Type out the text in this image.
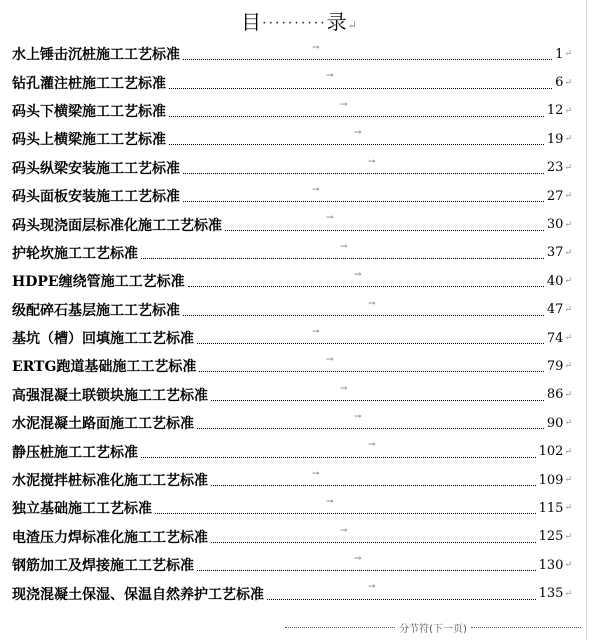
目··········录↵
水上锤击沉桩施工工艺标准	→	1 ↵
钻孔灌注桩施工工艺标准	→	6 ↵
码头下横梁施工工艺标准	→	12 ↵
码头上横梁施工工艺标准	→	19 ↵
码头纵梁安装施工工艺标准	→	23 ↵
码头面板安装施工工艺标准	→	27 ↵
码头现浇面层标准化施工工艺标准	→	30 ↵
护轮坎施工工艺标准	→	37 ↵
HDPE缠绕管施工工艺标准	→	40 ↵
级配碎石基层施工工艺标准	→	47 ↵
基坑（槽）回填施工工艺标准	→	74 ↵
ERTG跑道基础施工工艺标准	→	79 ↵
高强混凝土联锁块施工工艺标准	→	86 ↵
水泥混凝土路面施工工艺标准	→	90 ↵
静压桩施工工艺标准	→	102 ↵
水泥搅拌桩标准化施工工艺标准	→	109 ↵
独立基础施工工艺标准	→	115 ↵
电渣压力焊标准化施工工艺标准	→	125 ↵
钢筋加工及焊接施工工艺标准	→	130 ↵
现浇混凝土保湿、保温自然养护工艺标准	→	135 ↵
分节符(下一页)
